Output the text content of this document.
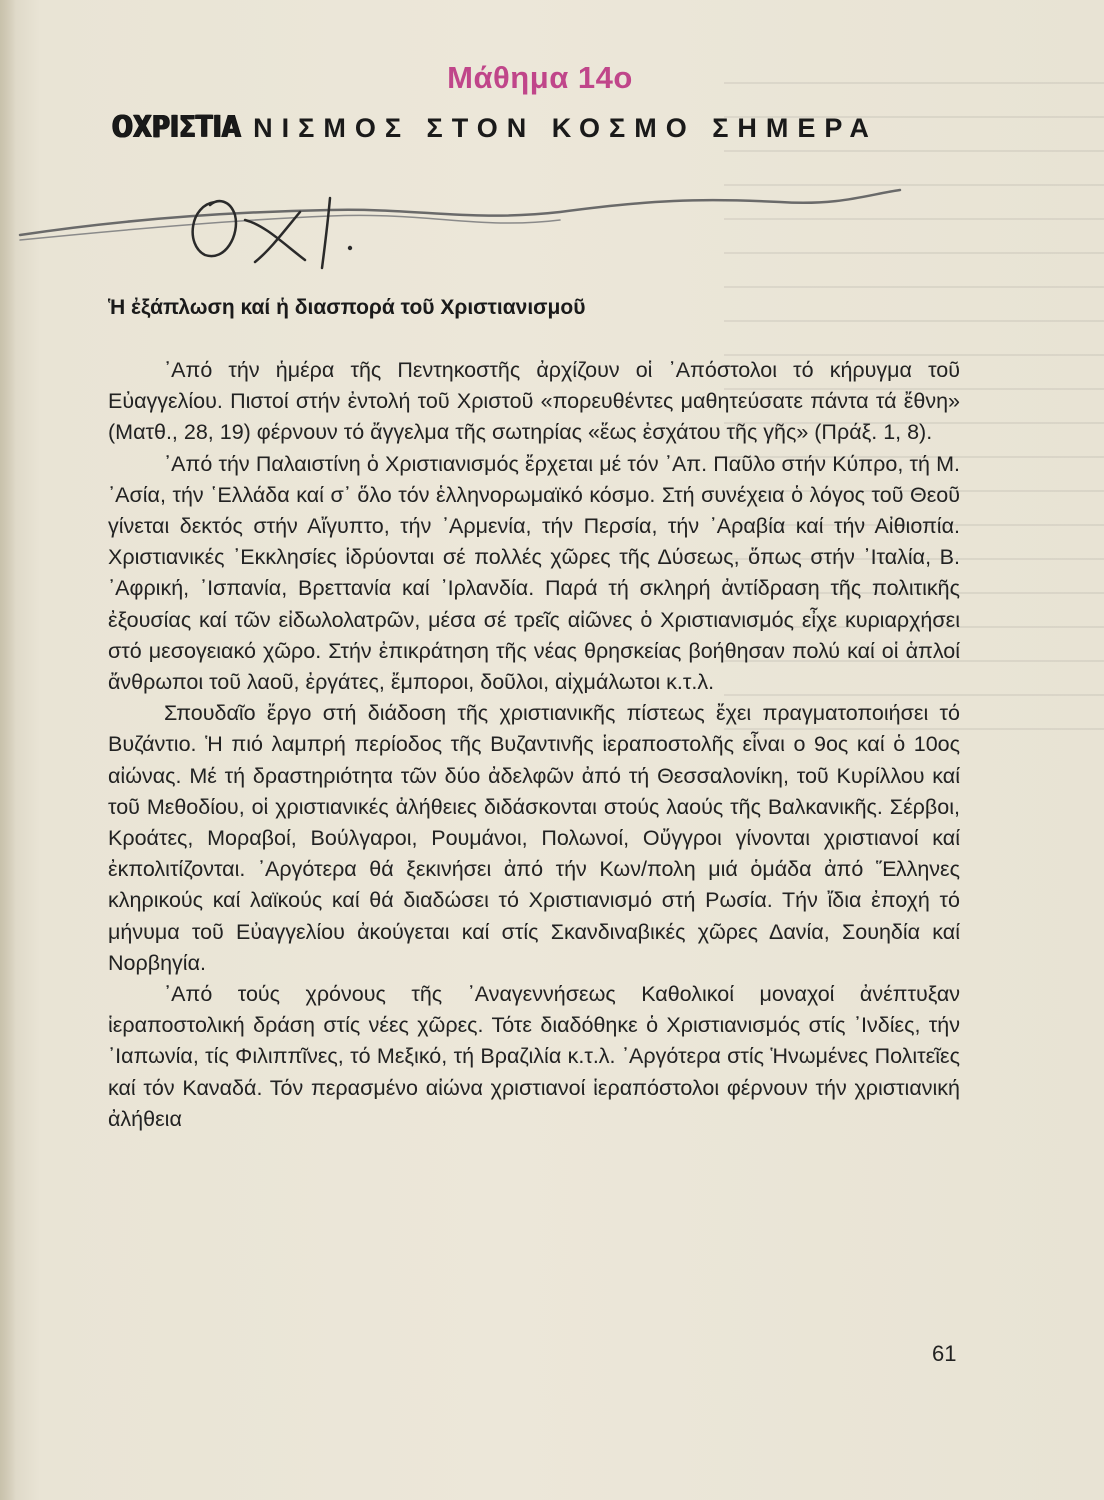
Μάθημα 14ο
ΟΧΡΙΣΤΙΑ ΝΙΣΜΟΣ ΣΤΟΝ ΚΟΣΜΟ ΣΗΜΕΡΑ
Οχι.
Ἡ ἐξάπλωση καί ἡ διασπορά τοῦ Χριστιανισμοῦ

᾿Από τήν ἡμέρα τῆς Πεντηκοστῆς ἀρχίζουν οἱ ᾿Απόστολοι τό κήρυγμα τοῦ Εὐαγγελίου. Πιστοί στήν ἐντολή τοῦ Χριστοῦ «πορευθέντες μαθητεύσατε πάντα τά ἔθνη» (Ματθ., 28, 19) φέρνουν τό ἄγγελμα τῆς σωτηρίας «ἕως ἐσχάτου τῆς γῆς» (Πράξ. 1, 8).

᾿Από τήν Παλαιστίνη ὁ Χριστιανισμός ἔρχεται μέ τόν ᾿Απ. Παῦλο στήν Κύπρο, τή Μ. ᾿Ασία, τήν ῾Ελλάδα καί σ᾿ ὅλο τόν ἑλληνορωμαϊκό κόσμο. Στή συνέχεια ὁ λόγος τοῦ Θεοῦ γίνεται δεκτός στήν Αἴγυπτο, τήν ᾿Αρμενία, τήν Περσία, τήν ᾿Αραβία καί τήν Αἰθιοπία. Χριστιανικές ᾿Εκκλησίες ἱδρύονται σέ πολλές χῶρες τῆς Δύσεως, ὅπως στήν ᾿Ιταλία, Β. ᾿Αφρική, ᾿Ισπανία, Βρεττανία καί ᾿Ιρλανδία. Παρά τή σκληρή ἀντίδραση τῆς πολιτικῆς ἐξουσίας καί τῶν εἰδωλολατρῶν, μέσα σέ τρεῖς αἰῶνες ὁ Χριστιανισμός εἶχε κυριαρχήσει στό μεσογειακό χῶρο. Στήν ἐπικράτηση τῆς νέας θρησκείας βοήθησαν πολύ καί οἱ ἁπλοί ἄνθρωποι τοῦ λαοῦ, ἐργάτες, ἔμποροι, δοῦλοι, αἰχμάλωτοι κ.τ.λ.

Σπουδαῖο ἔργο στή διάδοση τῆς χριστιανικῆς πίστεως ἔχει πραγματοποιήσει τό Βυζάντιο. Ἡ πιό λαμπρή περίοδος τῆς Βυζαντινῆς ἱεραποστολῆς εἶναι ο 9ος καί ὁ 10ος αἰώνας. Μέ τή δραστηριότητα τῶν δύο ἀδελφῶν ἀπό τή Θεσσαλονίκη, τοῦ Κυρίλλου καί τοῦ Μεθοδίου, οἱ χριστιανικές ἀλήθειες διδάσκονται στούς λαούς τῆς Βαλκανικῆς. Σέρβοι, Κροάτες, Μοραβοί, Βούλγαροι, Ρουμάνοι, Πολωνοί, Οὔγγροι γίνονται χριστιανοί καί ἐκπολιτίζονται. ᾿Αργότερα θά ξεκινήσει ἀπό τήν Κων/πολη μιά ὁμάδα ἀπό Ἕλληνες κληρικούς καί λαϊκούς καί θά διαδώσει τό Χριστιανισμό στή Ρωσία. Τήν ἴδια ἐποχή τό μήνυμα τοῦ Εὐαγγελίου ἀκούγεται καί στίς Σκανδιναβικές χῶρες Δανία, Σουηδία καί Νορβηγία.

᾿Από τούς χρόνους τῆς ᾿Αναγεννήσεως Καθολικοί μοναχοί ἀνέπτυξαν ἱεραποστολική δράση στίς νέες χῶρες. Τότε διαδόθηκε ὁ Χριστιανισμός στίς ᾿Ινδίες, τήν ᾿Ιαπωνία, τίς Φιλιππῖνες, τό Μεξικό, τή Βραζιλία κ.τ.λ. ᾿Αργότερα στίς Ἡνωμένες Πολιτεῖες καί τόν Καναδά. Τόν περασμένο αἰώνα χριστιανοί ἱεραπόστολοι φέρνουν τήν χριστιανική ἀλήθεια

61
